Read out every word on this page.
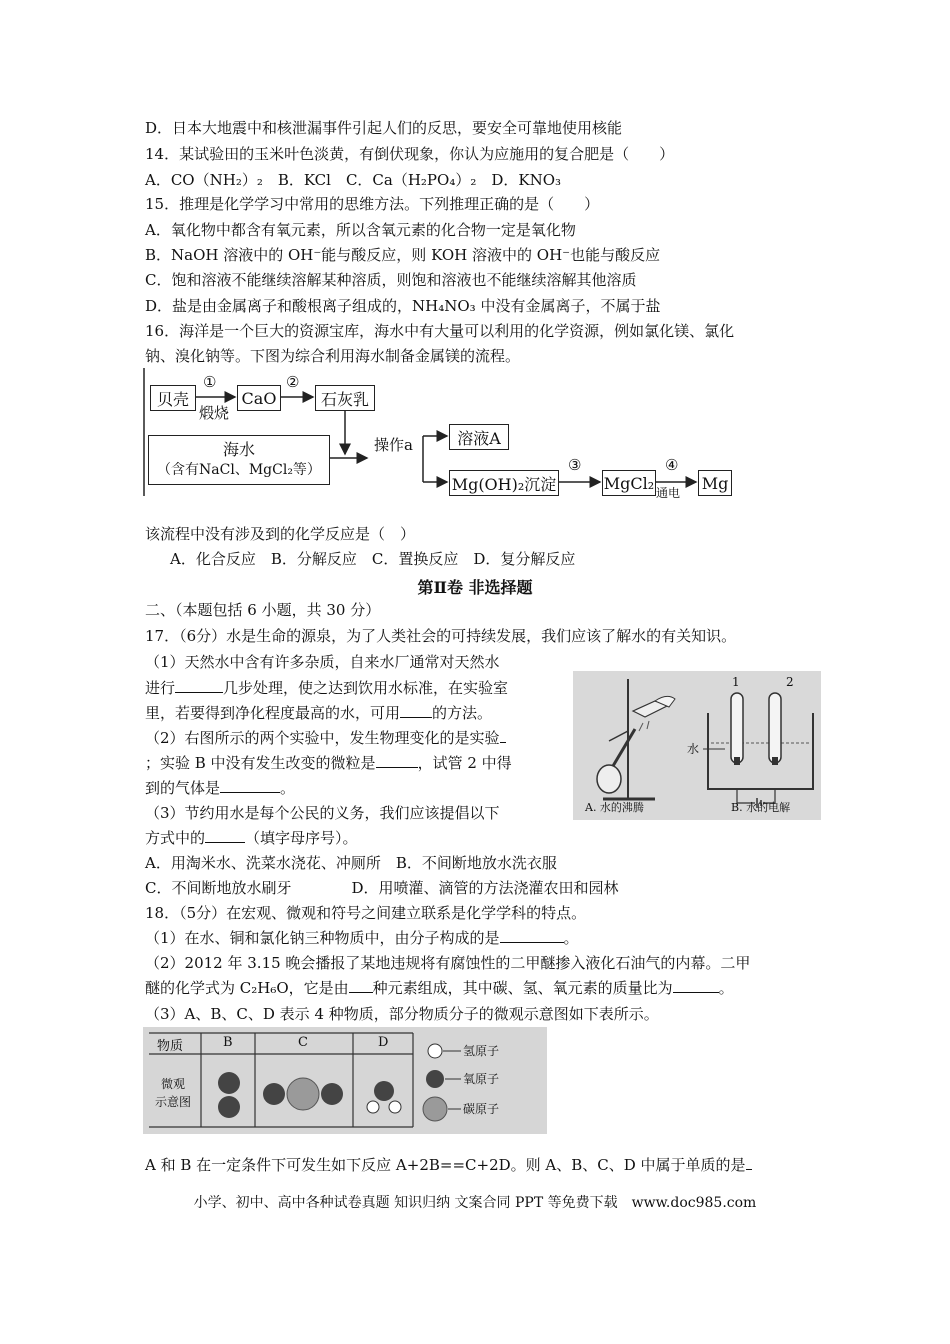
D．日本大地震中和核泄漏事件引起人们的反思，要安全可靠地使用核能
14．某试验田的玉米叶色淡黄，有倒伏现象，你认为应施用的复合肥是（　　）
A．CO（NH₂）₂　B．KCl　C．Ca（H₂PO₄）₂　D．KNO₃
15．推理是化学学习中常用的思维方法。下列推理正确的是（　　）
A．氧化物中都含有氧元素，所以含氧元素的化合物一定是氧化物
B．NaOH 溶液中的 OH⁻能与酸反应，则 KOH 溶液中的 OH⁻也能与酸反应
C．饱和溶液不能继续溶解某种溶质，则饱和溶液也不能继续溶解其他溶质
D．盐是由金属离子和酸根离子组成的，NH₄NO₃ 中没有金属离子，不属于盐
16．海洋是一个巨大的资源宝库，海水中有大量可以利用的化学资源，例如氯化镁、氯化
钠、溴化钠等。下图为综合利用海水制备金属镁的流程。
贝壳
①
煅烧
CaO
②
石灰乳
海水
（含有NaCl、MgCl₂等）
操作a	溶液A
Mg(OH)₂沉淀
③
MgCl₂
④
通电
Mg
该流程中没有涉及到的化学反应是（　）
A．化合反应　B．分解反应　C．置换反应　D．复分解反应
第Ⅱ卷 非选择题
二、（本题包括 6 小题，共 30 分）
17．（6分）水是生命的源泉，为了人类社会的可持续发展，我们应该了解水的有关知识。
（1）天然水中含有许多杂质，自来水厂通常对天然水
进行	几步处理，使之达到饮用水标准，在实验室
里，若要得到净化程度最高的水，可用 的方法。
（2）右图所示的两个实验中，发生物理变化的是实验
；实验 B 中没有发生改变的微粒是	，试管 2 中得
到的气体是	。
（3）节约用水是每个公民的义务，我们应该提倡以下
方式中的	（填字母序号）。
A．用淘米水、洗菜水浇花、冲厕所　B．不间断地放水洗衣服
C．不间断地放水刷牙　　　　D．用喷灌、滴管的方法浇灌农田和园林
1	2
水
A. 水的沸腾	B. 水的电解
18．（5分）在宏观、微观和符号之间建立联系是化学学科的特点。
（1）在水、铜和氯化钠三种物质中，由分子构成的是	。
（2）2012 年 3.15 晚会播报了某地违规将有腐蚀性的二甲醚掺入液化石油气的内幕。二甲
醚的化学式为 C₂H₆O，它是由 种元素组成，其中碳、氢、氧元素的质量比为	。
（3）A、B、C、D 表示 4 种物质，部分物质分子的微观示意图如下表所示。
物质	B	C	D
微观
示意图
氢原子
氧原子
碳原子
A 和 B 在一定条件下可发生如下反应 A+2B==C+2D。则 A、B、C、D 中属于单质的是
小学、初中、高中各种试卷真题 知识归纳 文案合同 PPT 等免费下载　www.doc985.com
